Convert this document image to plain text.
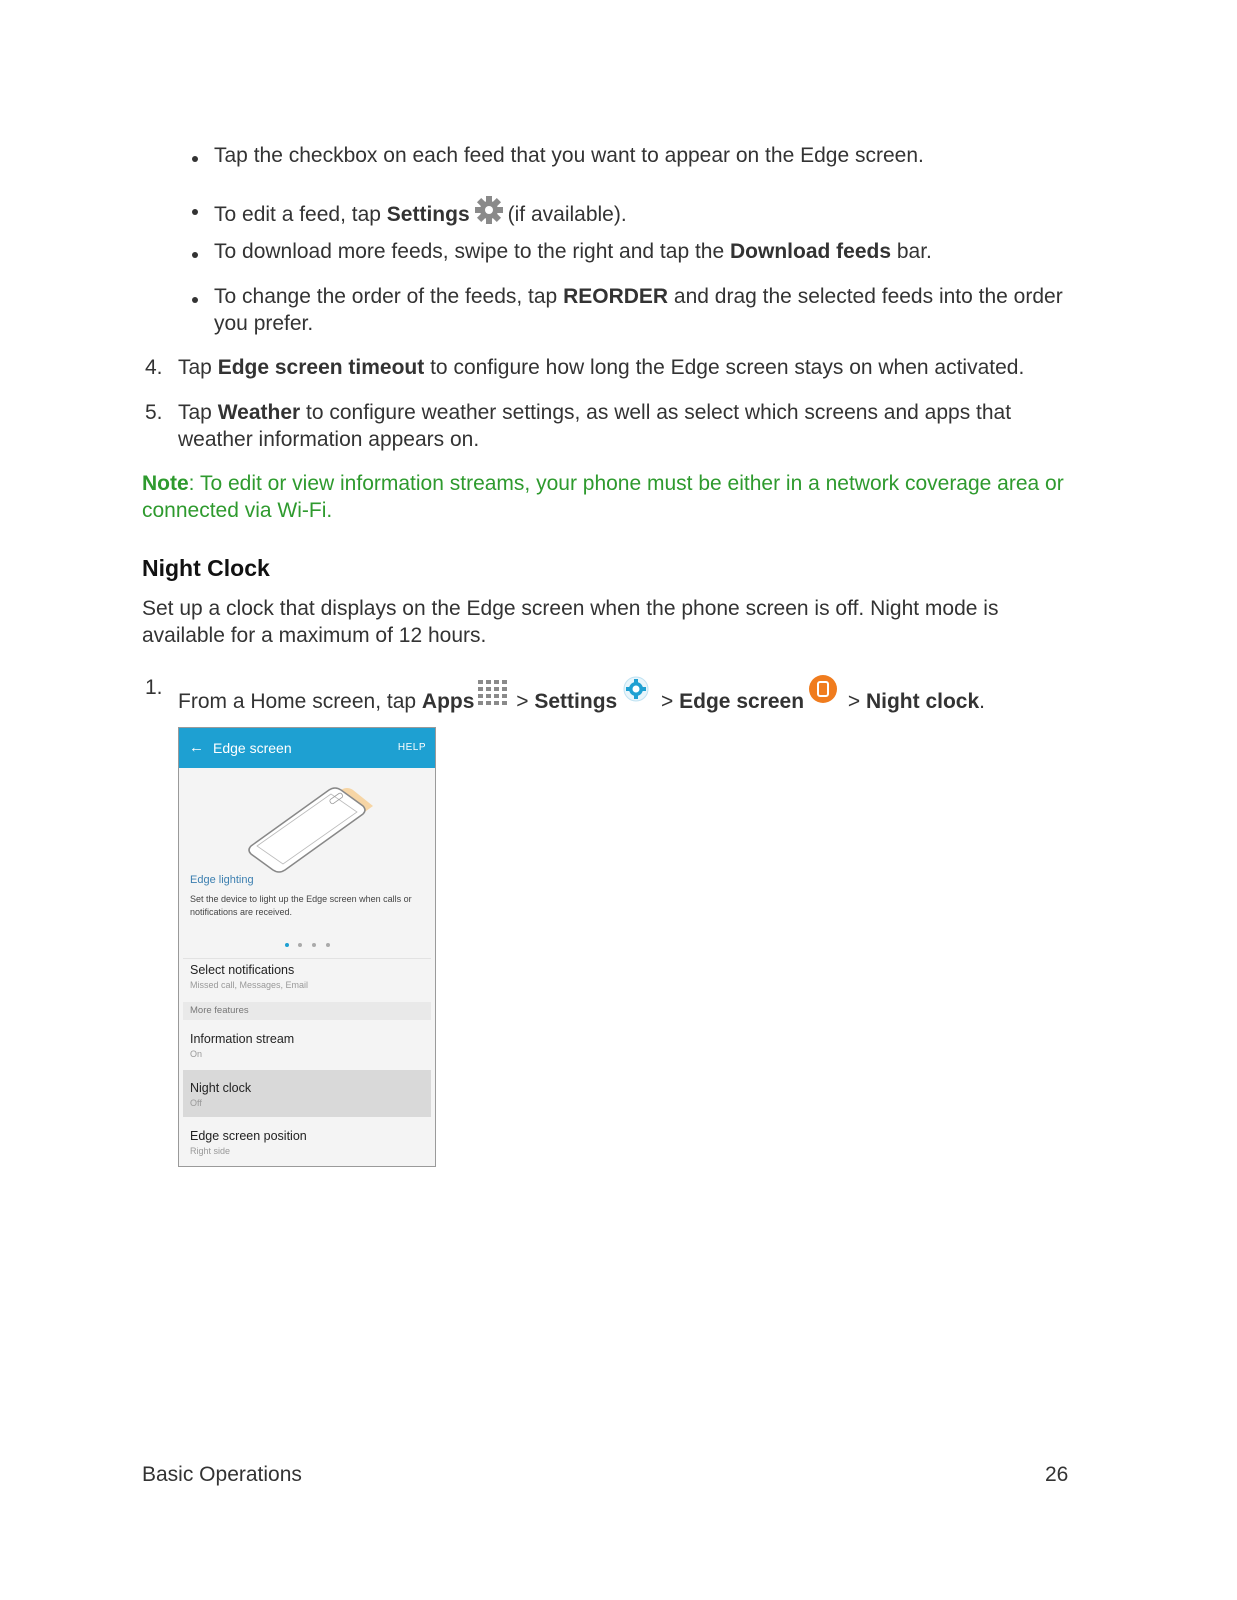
Tap the checkbox on each feed that you want to appear on the Edge screen.
To edit a feed, tap Settings (if available).
To download more feeds, swipe to the right and tap the Download feeds bar.
To change the order of the feeds, tap REORDER and drag the selected feeds into the order
you prefer.
4. Tap Edge screen timeout to configure how long the Edge screen stays on when activated.
5. Tap Weather to configure weather settings, as well as select which screens and apps that
weather information appears on.
Note: To edit or view information streams, your phone must be either in a network coverage area or
connected via Wi-Fi.
Night Clock
Set up a clock that displays on the Edge screen when the phone screen is off. Night mode is
available for a maximum of 12 hours.
1.
From a Home screen, tap Apps > Settings > Edge screen > Night clock.
← Edge screen	HELP
Edge lighting
Set the device to light up the Edge screen when calls or notifications are received.
Select notifications
Missed call, Messages, Email
More features
Information stream
On
Night clock
Off
Edge screen position
Right side
Basic Operations	26
